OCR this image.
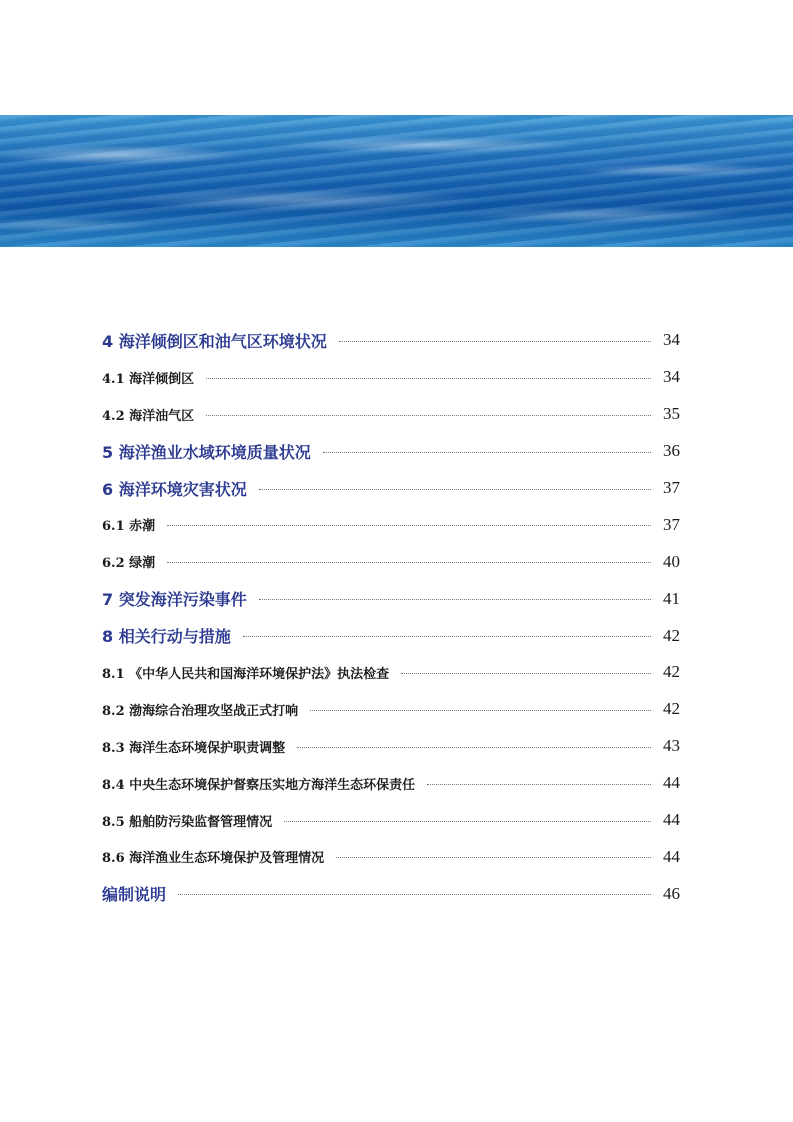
4 海洋倾倒区和油气区环境状况	34
4.1 海洋倾倒区	34
4.2 海洋油气区	35
5 海洋渔业水域环境质量状况	36
6 海洋环境灾害状况	37
6.1 赤潮	37
6.2 绿潮	40
7 突发海洋污染事件	41
8 相关行动与措施	42
8.1 《中华人民共和国海洋环境保护法》执法检查	42
8.2 渤海综合治理攻坚战正式打响	42
8.3 海洋生态环境保护职责调整	43
8.4 中央生态环境保护督察压实地方海洋生态环保责任	44
8.5 船舶防污染监督管理情况	44
8.6 海洋渔业生态环境保护及管理情况	44
编制说明	46
